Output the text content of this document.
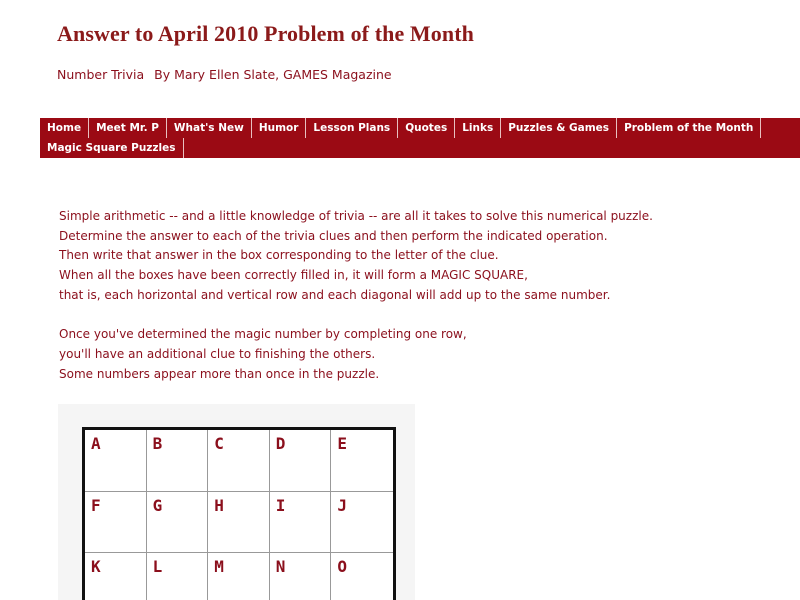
Answer to April 2010 Problem of the Month
Number Trivia By Mary Ellen Slate, GAMES Magazine
Home	Meet Mr. P	What's New	Humor	Lesson Plans	Quotes	Links	Puzzles & Games	Problem of the Month
Magic Square Puzzles

Simple arithmetic -- and a little knowledge of trivia -- are all it takes to solve this numerical puzzle.

Determine the answer to each of the trivia clues and then perform the indicated operation.

Then write that answer in the box corresponding to the letter of the clue.

When all the boxes have been correctly filled in, it will form a MAGIC SQUARE,

that is, each horizontal and vertical row and each diagonal will add up to the same number.

Once you've determined the magic number by completing one row,

you'll have an additional clue to finishing the others.

Some numbers appear more than once in the puzzle.

A	B	C	D	E
F	G	H	I	J
K	L	M	N	O
